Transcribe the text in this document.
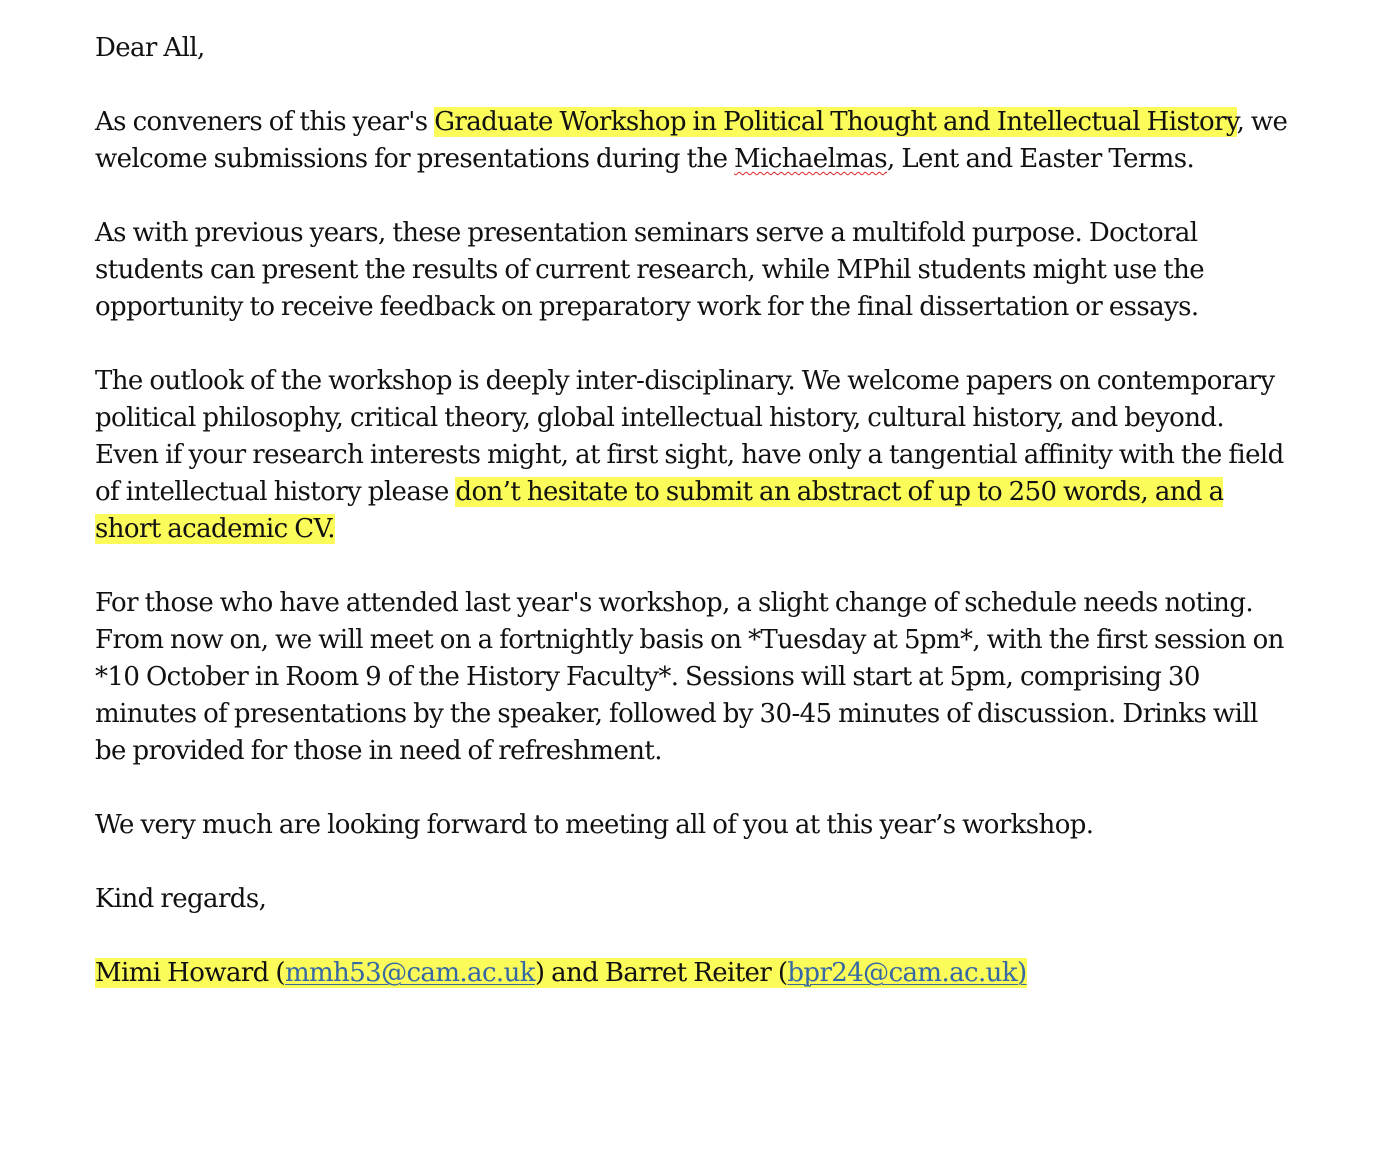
Dear All,

As conveners of this year's Graduate Workshop in Political Thought and Intellectual History, we welcome submissions for presentations during the Michaelmas, Lent and Easter Terms.

As with previous years, these presentation seminars serve a multifold purpose. Doctoral students can present the results of current research, while MPhil students might use the opportunity to receive feedback on preparatory work for the final dissertation or essays.

The outlook of the workshop is deeply inter-disciplinary. We welcome papers on contemporary political philosophy, critical theory, global intellectual history, cultural history, and beyond. Even if your research interests might, at first sight, have only a tangential affinity with the field of intellectual history please don’t hesitate to submit an abstract of up to 250 words, and a short academic CV.

For those who have attended last year's workshop, a slight change of schedule needs noting. From now on, we will meet on a fortnightly basis on *Tuesday at 5pm*, with the first session on *10 October in Room 9 of the History Faculty*. Sessions will start at 5pm, comprising 30 minutes of presentations by the speaker, followed by 30-45 minutes of discussion. Drinks will be provided for those in need of refreshment.

We very much are looking forward to meeting all of you at this year’s workshop.

Kind regards,

Mimi Howard (mmh53@cam.ac.uk) and Barret Reiter (bpr24@cam.ac.uk)
